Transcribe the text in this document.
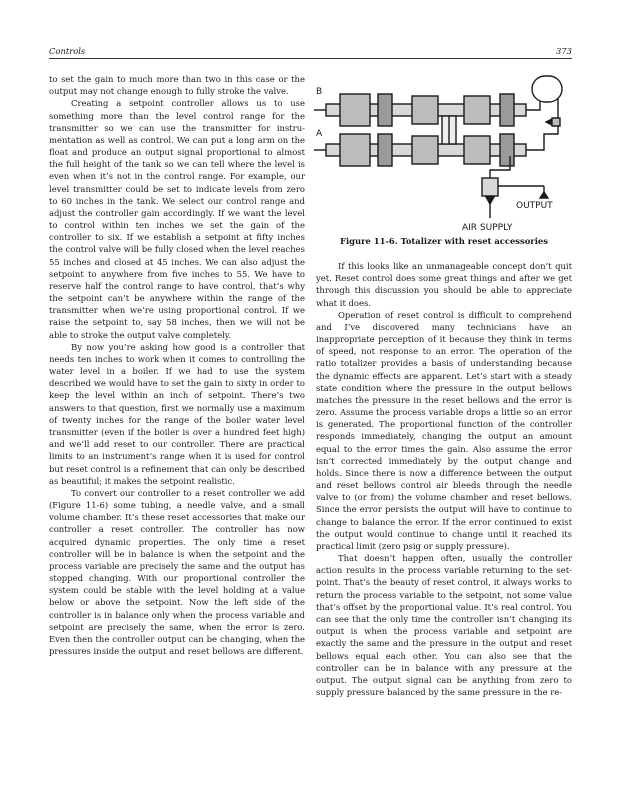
Controls	373

to set the gain to much more than two in this case or the output may not change enough to fully stroke the valve.

Creating a setpoint controller allows us to use something more than the level control range for the transmitter so we can use the transmitter for instrumentation as well as control. We can put a long arm on the float and produce an output signal proportional to almost the full height of the tank so we can tell where the level is even when it’s not in the control range. For example, our level transmitter could be set to indicate levels from zero to 60 inches in the tank. We select our control range and adjust the controller gain accordingly. If we want the level to control within ten inches we set the gain of the controller to six. If we establish a setpoint at fifty inches the control valve will be fully closed when the level reaches 55 inches and closed at 45 inches. We can also adjust the setpoint to anywhere from five inches to 55. We have to reserve half the control range to have control, that’s why the setpoint can’t be anywhere within the range of the transmitter when we’re using proportional control. If we raise the setpoint to, say 58 inches, then we will not be able to stroke the output valve completely.

By now you’re asking how good is a controller that needs ten inches to work when it comes to controlling the water level in a boiler. If we had to use the system described we would have to set the gain to sixty in order to keep the level within an inch of setpoint. There’s two answers to that question, first we normally use a maximum of twenty inches for the range of the boiler water level transmitter (even if the boiler is over a hundred feet high) and we’ll add reset to our controller. There are practical limits to an instrument’s range when it is used for control but reset control is a refinement that can only be described as beautiful; it makes the setpoint realistic.

To convert our controller to a reset controller we add (Figure 11-6) some tubing, a needle valve, and a small volume chamber. It’s these reset accessories that make our controller a reset controller. The controller has now acquired dynamic properties. The only time a reset controller will be in balance is when the setpoint and the process variable are precisely the same and the output has stopped changing. With our proportional controller the system could be stable with the level holding at a value below or above the setpoint. Now the left side of the controller is in balance only when the process variable and setpoint are precisely the same, when the error is zero. Even then the controller output can be changing, when the pressures inside the output and reset bellows are different.

B
A
OUTPUT
AIR SUPPLY
Figure 11-6. Totalizer with reset accessories

If this looks like an unmanageable concept don’t quit yet. Reset control does some great things and after we get through this discussion you should be able to appreciate what it does.

Operation of reset control is difficult to comprehend and I’ve discovered many technicians have an inappropriate perception of it because they think in terms of speed, not response to an error. The operation of the ratio totalizer provides a basis of understanding because the dynamic effects are apparent. Let’s start with a steady state condition where the pressure in the output bellows matches the pressure in the reset bellows and the error is zero. Assume the process variable drops a little so an error is generated. The proportional function of the controller responds immediately, changing the output an amount equal to the error times the gain. Also assume the error isn’t corrected immediately by the output change and holds. Since there is now a difference between the output and reset bellows control air bleeds through the needle valve to (or from) the volume chamber and reset bellows. Since the error persists the output will have to continue to change to balance the error. If the error continued to exist the output would continue to change until it reached its practical limit (zero psig or supply pressure).

That doesn’t happen often, usually the controller action results in the process variable returning to the setpoint. That’s the beauty of reset control, it always works to return the process variable to the setpoint, not some value that’s offset by the proportional value. It’s real control. You can see that the only time the controller isn’t changing its output is when the process variable and setpoint are exactly the same and the pressure in the output and reset bellows equal each other. You can also see that the controller can be in balance with any pressure at the output. The output signal can be anything from zero to supply pressure balanced by the same pressure in the re-
